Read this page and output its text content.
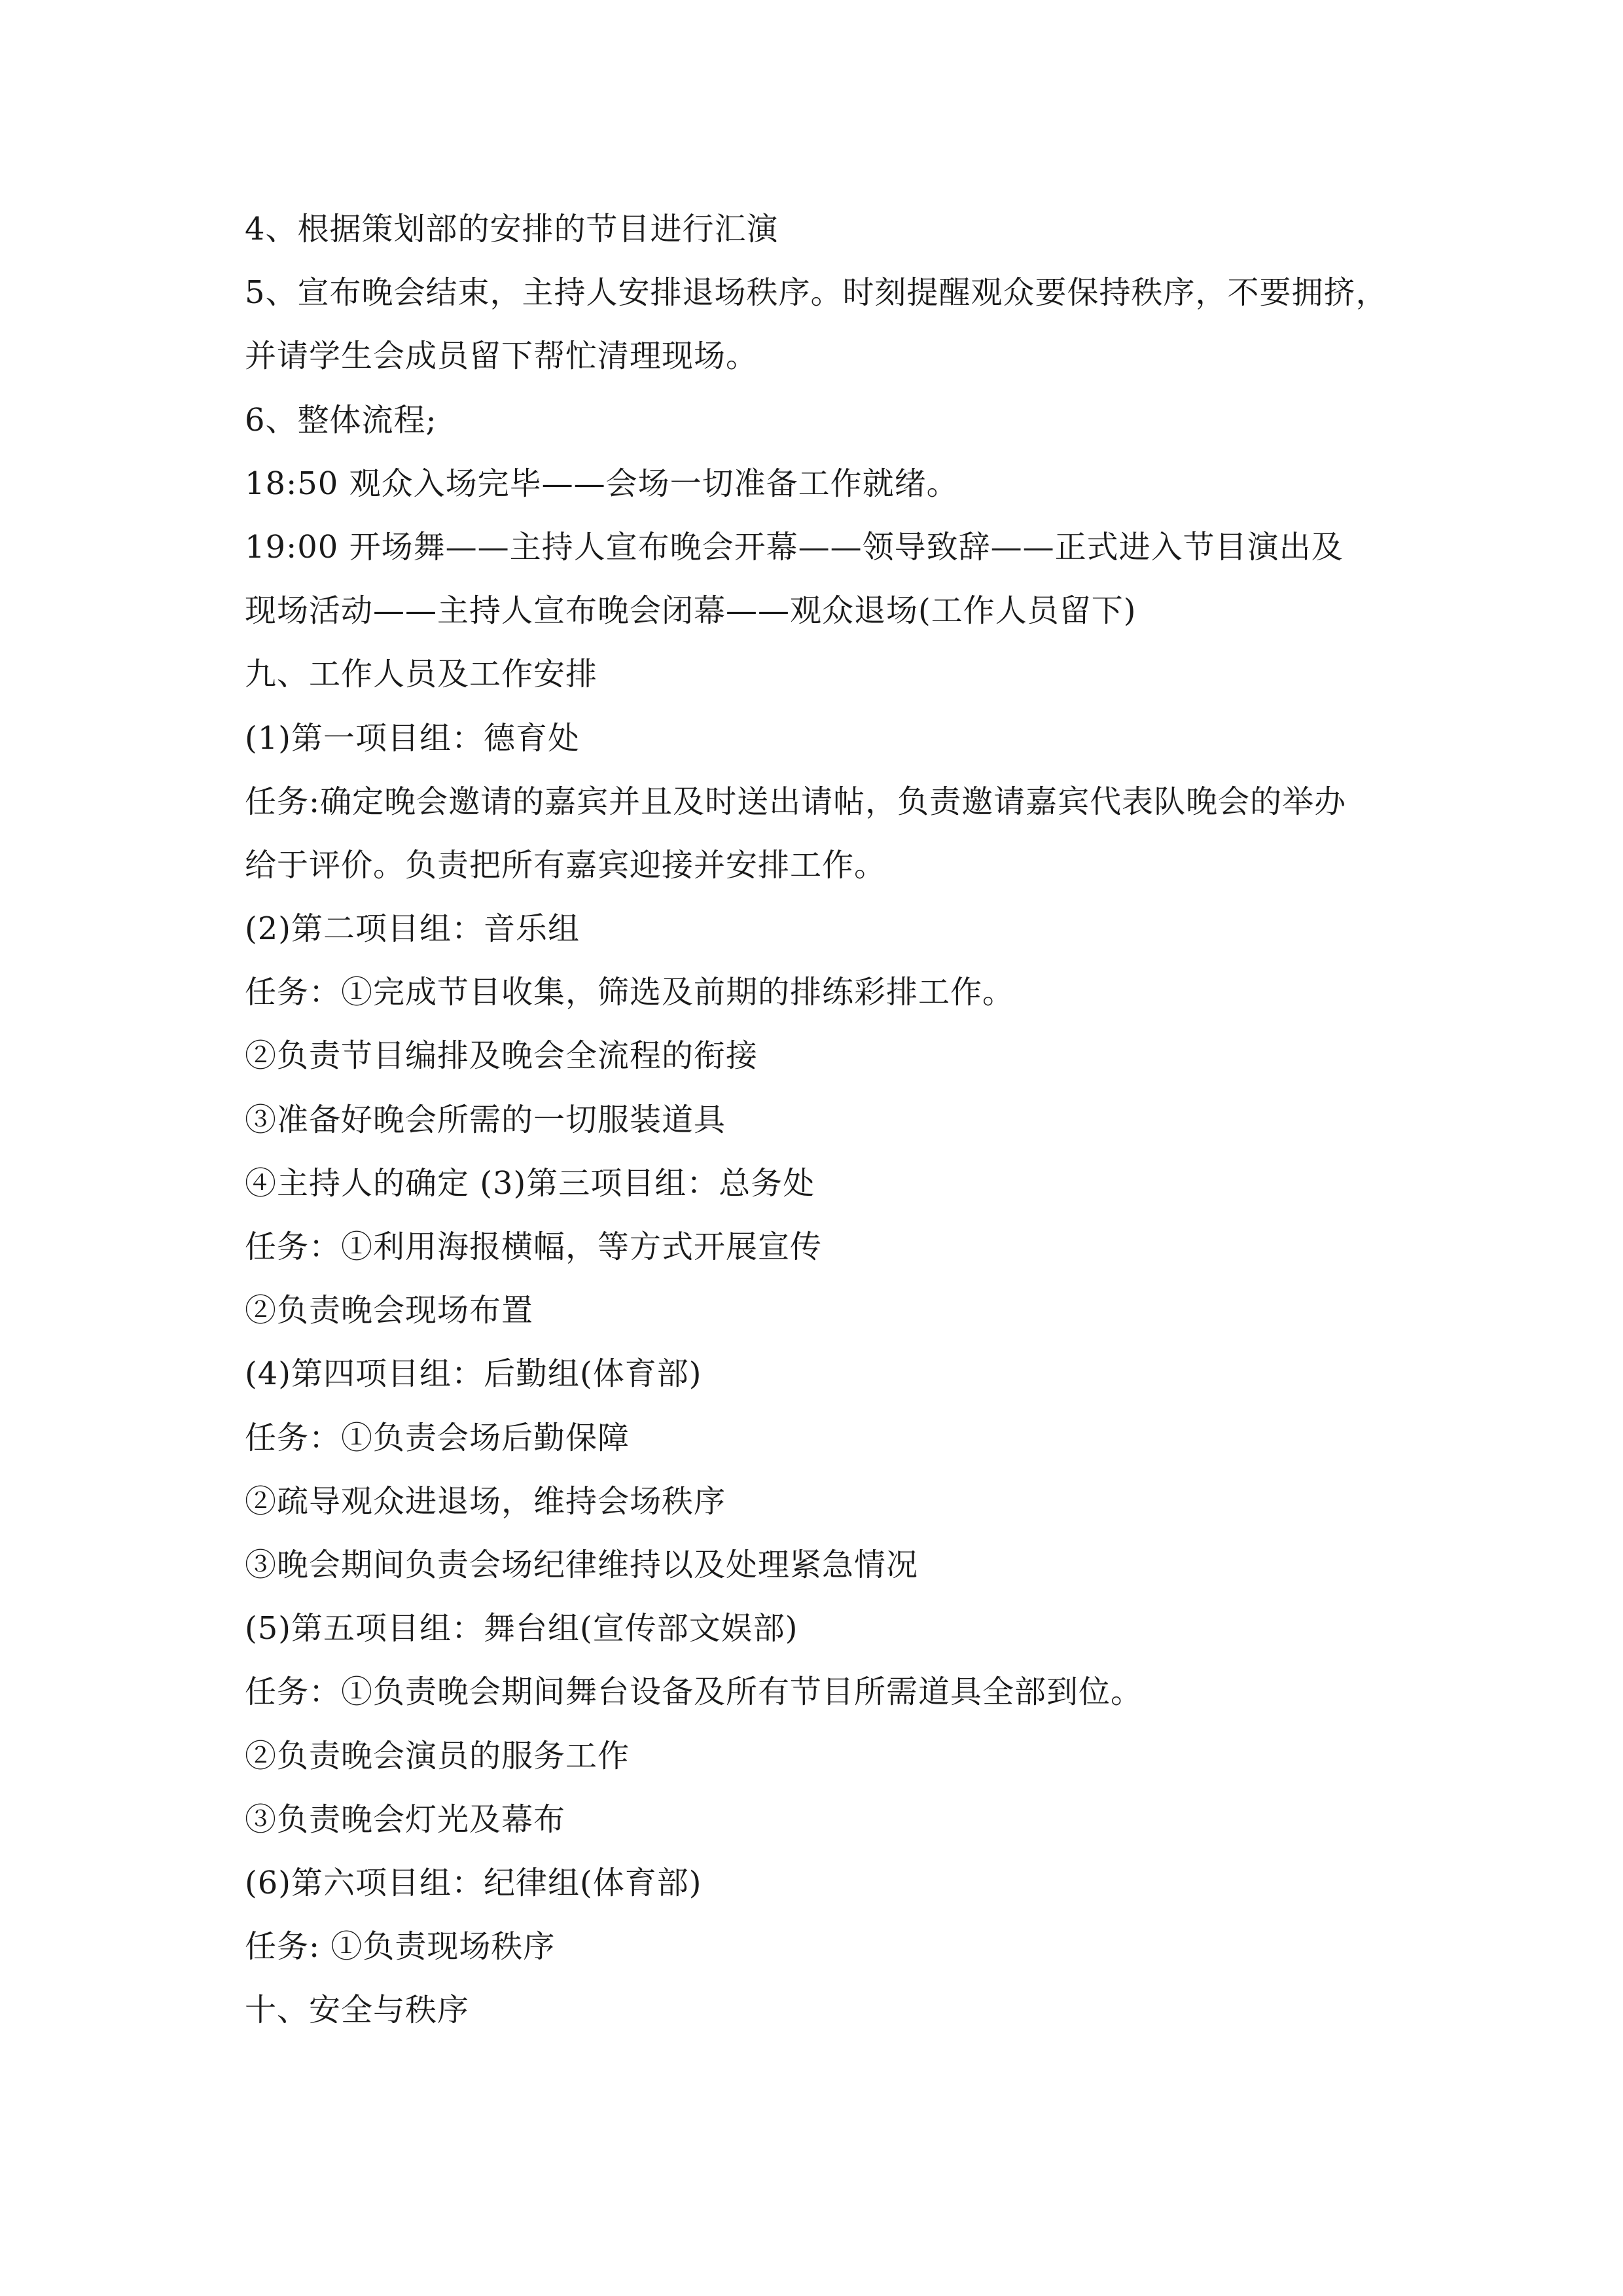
4、根据策划部的安排的节目进行汇演
5、宣布晚会结束，主持人安排退场秩序。时刻提醒观众要保持秩序，不要拥挤，
并请学生会成员留下帮忙清理现场。
6、整体流程;
18:50 观众入场完毕——会场一切准备工作就绪。
19:00 开场舞——主持人宣布晚会开幕——领导致辞——正式进入节目演出及
现场活动——主持人宣布晚会闭幕——观众退场(工作人员留下)
九、工作人员及工作安排
(1)第一项目组：德育处
任务:确定晚会邀请的嘉宾并且及时送出请帖，负责邀请嘉宾代表队晚会的举办
给于评价。负责把所有嘉宾迎接并安排工作。
(2)第二项目组：音乐组
任务：①完成节目收集，筛选及前期的排练彩排工作。
②负责节目编排及晚会全流程的衔接
③准备好晚会所需的一切服装道具
④主持人的确定 (3)第三项目组：总务处
任务：①利用海报横幅，等方式开展宣传
②负责晚会现场布置
(4)第四项目组：后勤组(体育部)
任务：①负责会场后勤保障
②疏导观众进退场，维持会场秩序
③晚会期间负责会场纪律维持以及处理紧急情况
(5)第五项目组：舞台组(宣传部文娱部)
任务：①负责晚会期间舞台设备及所有节目所需道具全部到位。
②负责晚会演员的服务工作
③负责晚会灯光及幕布
(6)第六项目组：纪律组(体育部)
任务: ①负责现场秩序
十、安全与秩序
